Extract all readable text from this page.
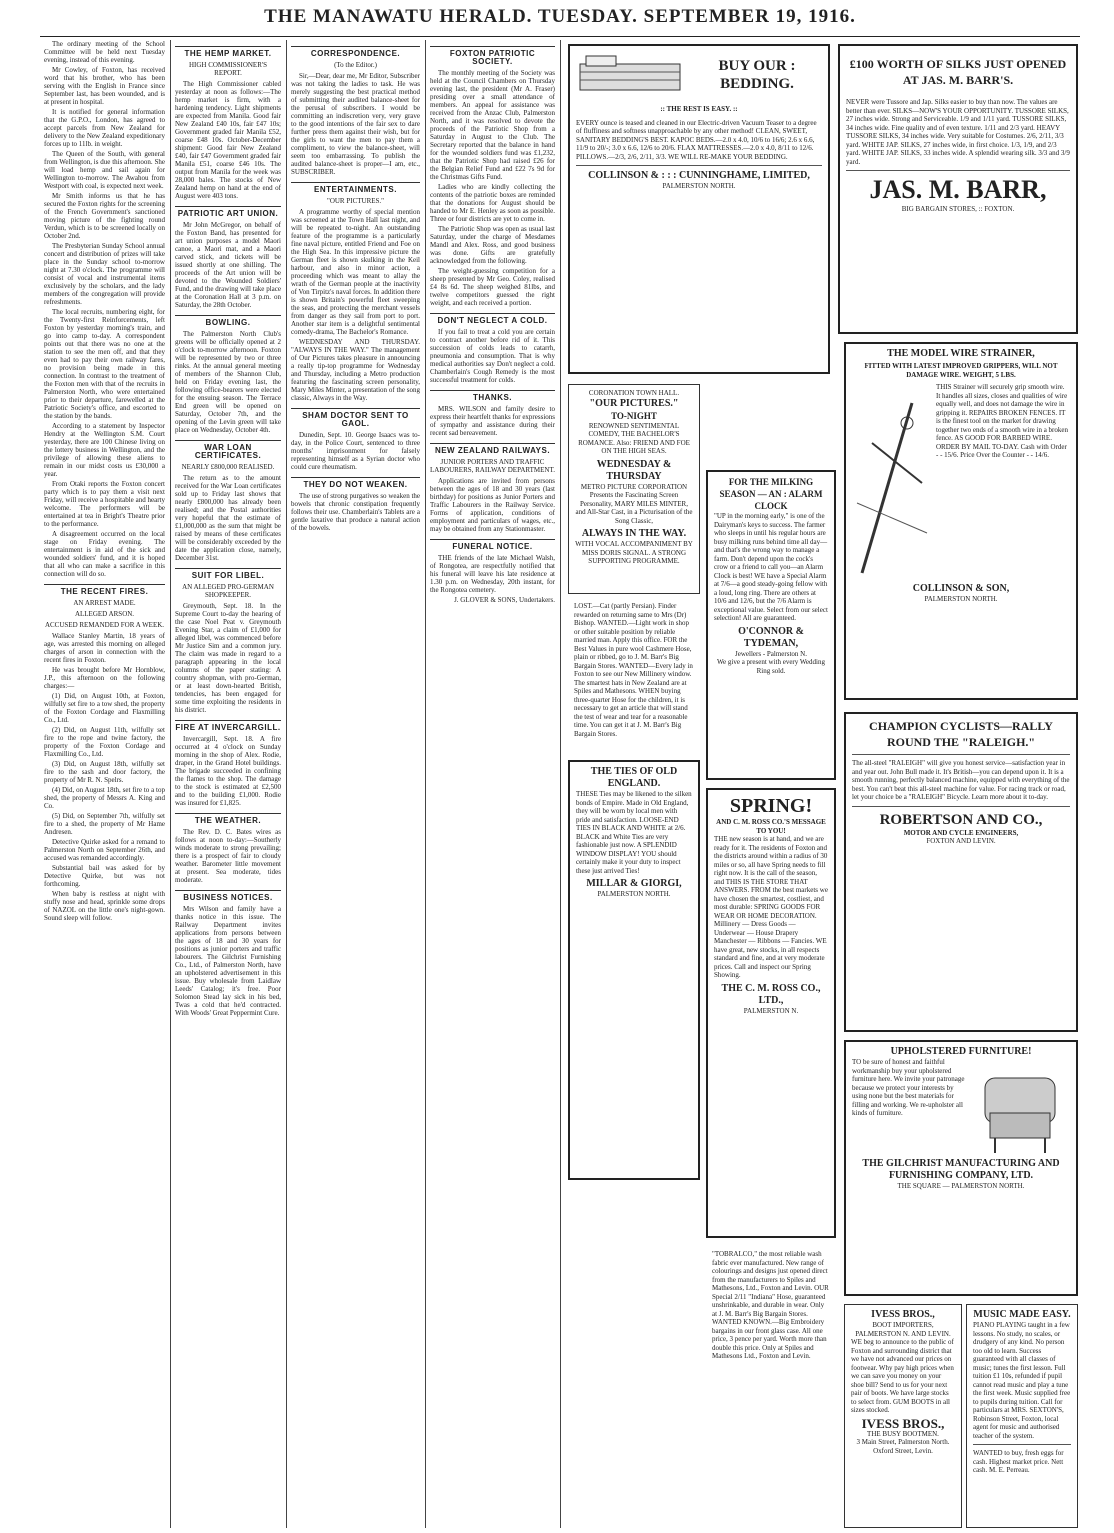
THE MANAWATU HERALD. TUESDAY. SEPTEMBER 19, 1916.

The ordinary meeting of the School Committee will be held next Tuesday evening, instead of this evening.

Mr Cowley, of Foxton, has received word that his brother, who has been serving with the English in France since September last, has been wounded, and is at present in hospital.

It is notified for general information that the G.P.O., London, has agreed to accept parcels from New Zealand for delivery to the New Zealand expeditionary forces up to 11lb. in weight.

The Queen of the South, with general from Wellington, is due this afternoon. She will load hemp and sail again for Wellington to-morrow. The Awahou from Westport with coal, is expected next week.

Mr Smith informs us that he has secured the Foxton rights for the screening of the French Government's sanctioned moving picture of the fighting round Verdun, which is to be screened locally on October 2nd.

The Presbyterian Sunday School annual concert and distribution of prizes will take place in the Sunday school to-morrow night at 7.30 o'clock. The programme will consist of vocal and instrumental items exclusively by the scholars, and the lady members of the congregation will provide refreshments.

The local recruits, numbering eight, for the Twenty-first Reinforcements, left Foxton by yesterday morning's train, and go into camp to-day. A correspondent points out that there was no one at the station to see the men off, and that they even had to pay their own railway fares, no provision being made in this connection. In contrast to the treatment of the Foxton men with that of the recruits in Palmerston North, who were entertained prior to their departure, farewelled at the Patriotic Society's office, and escorted to the station by the bands.

According to a statement by Inspector Hendry at the Wellington S.M. Court yesterday, there are 100 Chinese living on the lottery business in Wellington, and the privilege of allowing these aliens to remain in our midst costs us £30,000 a year.

From Otaki reports the Foxton concert party which is to pay them a visit next Friday, will receive a hospitable and hearty welcome. The performers will be entertained at tea in Bright's Theatre prior to the performance.

A disagreement occurred on the local stage on Friday evening. The entertainment is in aid of the sick and wounded soldiers' fund, and it is hoped that all who can make a sacrifice in this connection will do so.

THE RECENT FIRES.
AN ARREST MADE.
ALLEGED ARSON.
ACCUSED REMANDED FOR A WEEK.

Wallace Stanley Martin, 18 years of age, was arrested this morning on alleged charges of arson in connection with the recent fires in Foxton.

He was brought before Mr Hornblow, J.P., this afternoon on the following charges:—

(1) Did, on August 10th, at Foxton, wilfully set fire to a tow shed, the property of the Foxton Cordage and Flaxmilling Co., Ltd.

(2) Did, on August 11th, wilfully set fire to the rope and twine factory, the property of the Foxton Cordage and Flaxmilling Co., Ltd.

(3) Did, on August 18th, wilfully set fire to the sash and door factory, the property of Mr R. N. Spelrs.

(4) Did, on August 18th, set fire to a top shed, the property of Messrs A. King and Co.

(5) Did, on September 7th, wilfully set fire to a shed, the property of Mr Hame Andresen.

Detective Quirke asked for a remand to Palmerston North on September 26th, and accused was remanded accordingly.

Substantial bail was asked for by Detective Quirke, but was not forthcoming.

When baby is restless at night with stuffy nose and head, sprinkle some drops of NAZOL on the little one's night-gown. Sound sleep will follow.

THE HEMP MARKET.
HIGH COMMISSIONER'S REPORT.

The High Commissioner cabled yesterday at noon as follows:—The hemp market is firm, with a hardening tendency. Light shipments are expected from Manila. Good fair New Zealand £40 10s, fair £47 10s; Government graded fair Manila £52, coarse £48 10s. October-December shipment: Good fair New Zealand £40, fair £47 Government graded fair Manila £51, coarse £46 10s. The output from Manila for the week was 28,000 bales. The stocks of New Zealand hemp on hand at the end of August were 403 tons.

PATRIOTIC ART UNION.

Mr John McGregor, on behalf of the Foxton Band, has presented for art union purposes a model Maori canoe, a Maori mat, and a Maori carved stick, and tickets will be issued shortly at one shilling. The proceeds of the Art union will be devoted to the Wounded Soldiers' Fund, and the drawing will take place at the Coronation Hall at 3 p.m. on Saturday, the 28th October.

BOWLING.

The Palmerston North Club's greens will be officially opened at 2 o'clock to-morrow afternoon. Foxton will be represented by two or three rinks. At the annual general meeting of members of the Shannon Club, held on Friday evening last, the following office-bearers were elected for the ensuing season. The Terrace End green will be opened on Saturday, October 7th, and the opening of the Levin green will take place on Wednesday, October 4th.

WAR LOAN CERTIFICATES.
NEARLY £800,000 REALISED.

The return as to the amount received for the War Loan certificates sold up to Friday last shows that nearly £800,000 has already been realised; and the Postal authorities very hopeful that the estimate of £1,000,000 as the sum that might be raised by means of these certificates will be considerably exceeded by the date the application close, namely, December 31st.

SUIT FOR LIBEL.
AN ALLEGED PRO-GERMAN SHOPKEEPER.

Greymouth, Sept. 18. In the Supreme Court to-day the hearing of the case Noel Peat v. Greymouth Evening Star, a claim of £1,000 for alleged libel, was commenced before Mr Justice Sim and a common jury. The claim was made in regard to a paragraph appearing in the local columns of the paper stating: A country shopman, with pro-German, or at least down-hearted British, tendencies, has been engaged for some time exploiting the residents in his district.

FIRE AT INVERCARGILL.

Invercargill, Sept. 18. A fire occurred at 4 o'clock on Sunday morning in the shop of Alex. Rodie, draper, in the Grand Hotel buildings. The brigade succeeded in confining the flames to the shop. The damage to the stock is estimated at £2,500 and to the building £1,000. Rodie was insured for £1,825.

THE WEATHER.

The Rev. D. C. Bates wires as follows at noon to-day:—Southerly winds moderate to strong prevailing; there is a prospect of fair to cloudy weather. Barometer little movement at present. Sea moderate, tides moderate.

BUSINESS NOTICES.

Mrs Wilson and family have a thanks notice in this issue. The Railway Department invites applications from persons between the ages of 18 and 30 years for positions as junior porters and traffic labourers. The Gilchrist Furnishing Co., Ltd., of Palmerston North, have an upholstered advertisement in this issue. Buy wholesale from Laidlaw Leeds' Catalog; it's free. Poor Solomon Stead lay sick in his bed, Twas a cold that he'd contracted. With Woods' Great Peppermint Cure.

CORRESPONDENCE.
(To the Editor.)

Sir,—Dear, dear me, Mr Editor, Subscriber was not taking the ladies to task. He was merely suggesting the best practical method of submitting their audited balance-sheet for the perusal of subscribers. I would be committing an indiscretion very, very grave to the good intentions of the fair sex to dare further press them against their wish, but for the girls to want the men to pay them a compliment, to view the balance-sheet, will seem too embarrassing. To publish the audited balance-sheet is proper—I am, etc., SUBSCRIBER.

ENTERTAINMENTS.
"OUR PICTURES."

A programme worthy of special mention was screened at the Town Hall last night, and will be repeated to-night. An outstanding feature of the programme is a particularly fine naval picture, entitled Friend and Foe on the High Sea. In this impressive picture the German fleet is shown skulking in the Keil harbour, and also in minor action, a proceeding which was meant to allay the wrath of the German people at the inactivity of Von Tirpitz's naval forces. In addition there is shown Britain's powerful fleet sweeping the seas, and protecting the merchant vessels from danger as they sail from port to port. Another star item is a delightful sentimental comedy-drama, The Bachelor's Romance.

WEDNESDAY AND THURSDAY. "ALWAYS IN THE WAY." The management of Our Pictures takes pleasure in announcing a really tip-top programme for Wednesday and Thursday, including a Metro production featuring the fascinating screen personality, Mary Miles Minter, a presentation of the song classic, Always in the Way.

SHAM DOCTOR SENT TO GAOL.

Dunedin, Sept. 10. George Isaacs was to-day, in the Police Court, sentenced to three months' imprisonment for falsely representing himself as a Syrian doctor who could cure rheumatism.

THEY DO NOT WEAKEN.

The use of strong purgatives so weaken the bowels that chronic constipation frequently follows their use. Chamberlain's Tablets are a gentle laxative that produce a natural action of the bowels.

FOXTON PATRIOTIC SOCIETY.

The monthly meeting of the Society was held at the Council Chambers on Thursday evening last, the president (Mr A. Fraser) presiding over a small attendance of members. An appeal for assistance was received from the Anzac Club, Palmerston North, and it was resolved to devote the proceeds of the Patriotic Shop from a Saturday in August to the Club. The Secretary reported that the balance in hand for the wounded soldiers fund was £1,232, that the Patriotic Shop had raised £26 for the Belgian Relief Fund and £22 7s 9d for the Christmas Gifts Fund.

Ladies who are kindly collecting the contents of the patriotic boxes are reminded that the donations for August should be handed to Mr E. Henley as soon as possible. Three or four districts are yet to come in.

The Patriotic Shop was open as usual last Saturday, under the charge of Mesdames Mandl and Alex. Ross, and good business was done. Gifts are gratefully acknowledged from the following.

The weight-guessing competition for a sheep presented by Mr Geo. Coley, realised £4 8s 6d. The sheep weighed 81lbs, and twelve competitors guessed the right weight, and each received a portion.

DON'T NEGLECT A COLD.

If you fail to treat a cold you are certain to contract another before rid of it. This succession of colds leads to catarrh, pneumonia and consumption. That is why medical authorities say Don't neglect a cold. Chamberlain's Cough Remedy is the most successful treatment for colds.

THANKS.

MRS. WILSON and family desire to express their heartfelt thanks for expressions of sympathy and assistance during their recent sad bereavement.

NEW ZEALAND RAILWAYS.
JUNIOR PORTERS AND TRAFFIC LABOURERS, RAILWAY DEPARTMENT.

Applications are invited from persons between the ages of 18 and 30 years (last birthday) for positions as Junior Porters and Traffic Labourers in the Railway Service. Forms of application, conditions of employment and particulars of wages, etc., may be obtained from any Stationmaster.

FUNERAL NOTICE.

THE friends of the late Michael Walsh, of Rongotea, are respectfully notified that his funeral will leave his late residence at 1.30 p.m. on Wednesday, 20th instant, for the Rongotea cemetery.

J. GLOVER & SONS, Undertakers.
BUY OUR : BEDDING.
:: THE REST IS EASY. ::

EVERY ounce is teased and cleaned in our Electric-driven Vacuum Teaser to a degree of fluffiness and softness unapproachable by any other method! CLEAN, SWEET, SANITARY BEDDING'S BEST. KAPOC BEDS.—2.0 x 4.0, 10/6 to 16/6; 2.6 x 6.6, 11/9 to 20/-; 3.0 x 6.6, 12/6 to 20/6. FLAX MATTRESSES.—2.0 x 4.0, 8/11 to 12/6. PILLOWS.—2/3, 2/6, 2/11, 3/3. WE WILL RE-MAKE YOUR BEDDING.

COLLINSON & : : : CUNNINGHAME, LIMITED,
PALMERSTON NORTH.
£100 WORTH OF SILKS JUST OPENED AT JAS. M. BARR'S.

NEVER were Tussore and Jap. Silks easier to buy than now. The values are better than ever. SILKS—NOW'S YOUR OPPORTUNITY. TUSSORE SILKS, 27 inches wide. Strong and Serviceable. 1/9 and 1/11 yard. TUSSORE SILKS, 34 inches wide. Fine quality and of even texture. 1/11 and 2/3 yard. HEAVY TUSSORE SILKS, 34 inches wide. Very suitable for Costumes. 2/6, 2/11, 3/3 yard. WHITE JAP. SILKS, 27 inches wide, in first choice. 1/3, 1/9, and 2/3 yard. WHITE JAP. SILKS, 33 inches wide. A splendid wearing silk. 3/3 and 3/9 yard.

JAS. M. BARR,
BIG BARGAIN STORES, :: FOXTON.
THE MODEL WIRE STRAINER,
FITTED WITH LATEST IMPROVED GRIPPERS, WILL NOT DAMAGE WIRE. WEIGHT, 5 LBS.

THIS Strainer will securely grip smooth wire. It handles all sizes, closes and qualities of wire equally well, and does not damage the wire in gripping it. REPAIRS BROKEN FENCES. IT is the finest tool on the market for drawing together two ends of a smooth wire in a broken fence. AS GOOD FOR BARBED WIRE. ORDER BY MAIL TO-DAY. Cash with Order - - 15/6. Price Over the Counter - - 14/6.

COLLINSON & SON,
PALMERSTON NORTH.
CORONATION TOWN HALL.
"OUR PICTURES."
TO-NIGHT

RENOWNED SENTIMENTAL COMEDY, THE BACHELOR'S ROMANCE. Also: FRIEND AND FOE ON THE HIGH SEAS.

WEDNESDAY & THURSDAY

METRO PICTURE CORPORATION Presents the Fascinating Screen Personality, MARY MILES MINTER, and All-Star Cast, in a Picturisation of the Song Classic,

ALWAYS IN THE WAY.

WITH VOCAL ACCOMPANIMENT BY MISS DORIS SIGNAL. A STRONG SUPPORTING PROGRAMME.

LOST.—Cat (partly Persian). Finder rewarded on returning same to Mrs (Dr) Bishop. WANTED.—Light work in shop or other suitable position by reliable married man. Apply this office. FOR the Best Values in pure wool Cashmere Hose, plain or ribbed, go to J. M. Barr's Big Bargain Stores. WANTED—Every lady in Foxton to see our New Millinery window. The smartest hats in New Zealand are at Spiles and Mathesons. WHEN buying three-quarter Hose for the children, it is necessary to get an article that will stand the test of wear and tear for a reasonable time. You can get it at J. M. Barr's Big Bargain Stores.

FOR THE MILKING SEASON — AN : ALARM CLOCK

"UP in the morning early," is one of the Dairyman's keys to success. The farmer who sleeps in until his regular hours are busy milking runs behind time all day—and that's the wrong way to manage a farm. Don't depend upon the cock's crow or a friend to call you—an Alarm Clock is best! WE have a Special Alarm at 7/6—a good steady-going fellow with a loud, long ring. There are others at 10/6 and 12/6, but the 7/6 Alarm is exceptional value. Select from our select selection! All are guaranteed.

O'CONNOR & TYDEMAN,
Jewellers - Palmerston N.

We give a present with every Wedding Ring sold.

THE TIES OF OLD ENGLAND.

THESE Ties may be likened to the silken bonds of Empire. Made in Old England, they will be worn by local men with pride and satisfaction. LOOSE-END TIES IN BLACK AND WHITE at 2/6. BLACK and White Ties are very fashionable just now. A SPLENDID WINDOW DISPLAY! YOU should certainly make it your duty to inspect these just arrived Ties!

MILLAR & GIORGI,
PALMERSTON NORTH.
SPRING!
AND C. M. ROSS CO.'S MESSAGE TO YOU!

THE new season is at hand, and we are ready for it. The residents of Foxton and the districts around within a radius of 30 miles or so, all have Spring needs to fill right now. It is the call of the season, and THIS IS THE STORE THAT ANSWERS. FROM the best markets we have chosen the smartest, costliest, and most durable: SPRING GOODS FOR WEAR OR HOME DECORATION. Millinery — Dress Goods — Underwear — House Drapery Manchester — Ribbons — Fancies. WE have great, new stocks, in all respects standard and fine, and at very moderate prices. Call and inspect our Spring Showing.

THE C. M. ROSS CO., LTD.,
PALMERSTON N.

"TOBRALCO," the most reliable wash fabric ever manufactured. New range of colourings and designs just opened direct from the manufacturers to Spiles and Mathesons, Ltd., Foxton and Levin. OUR Special 2/11 "Indiana" Hose, guaranteed unshrinkable, and durable in wear. Only at J. M. Barr's Big Bargain Stores. WANTED KNOWN.—Big Embroidery bargains in our front glass case. All one price, 3 pence per yard. Worth more than double this price. Only at Spiles and Mathesons Ltd., Foxton and Levin.

CHAMPION CYCLISTS—RALLY ROUND THE "RALEIGH."

The all-steel "RALEIGH" will give you honest service—satisfaction year in and year out. John Bull made it. It's British—you can depend upon it. It is a smooth running, perfectly balanced machine, equipped with everything of the best. You can't beat this all-steel machine for value. For racing track or road, let your choice be a "RALEIGH" Bicycle. Learn more about it to-day.

ROBERTSON AND CO.,
MOTOR AND CYCLE ENGINEERS,
FOXTON AND LEVIN.
UPHOLSTERED FURNITURE!

TO be sure of honest and faithful workmanship buy your upholstered furniture here. We invite your patronage because we protect your interests by using none but the best materials for filling and working. We re-upholster all kinds of furniture.

THE GILCHRIST MANUFACTURING AND FURNISHING COMPANY, LTD.
THE SQUARE — PALMERSTON NORTH.
IVESS BROS.,
BOOT IMPORTERS, PALMERSTON N. AND LEVIN.

WE beg to announce to the public of Foxton and surrounding district that we have not advanced our prices on footwear. Why pay high prices when we can save you money on your shoe bill? Send to us for your next pair of boots. We have large stocks to select from. GUM BOOTS in all sizes stocked.

IVESS BROS.,
THE BUSY BOOTMEN.
3 Main Street, Palmerston North. Oxford Street, Levin.
MUSIC MADE EASY.

PIANO PLAYING taught in a few lessons. No study, no scales, or drudgery of any kind. No person too old to learn. Success guaranteed with all classes of music; tunes the first lesson. Full tuition £1 10s, refunded if pupil cannot read music and play a tune the first week. Music supplied free to pupils during tuition. Call for particulars at MRS. SEXTON'S, Robinson Street, Foxton, local agent for music and authorised teacher of the system.

WANTED to buy, fresh eggs for cash. Highest market price. Nett cash. M. E. Perreau.
